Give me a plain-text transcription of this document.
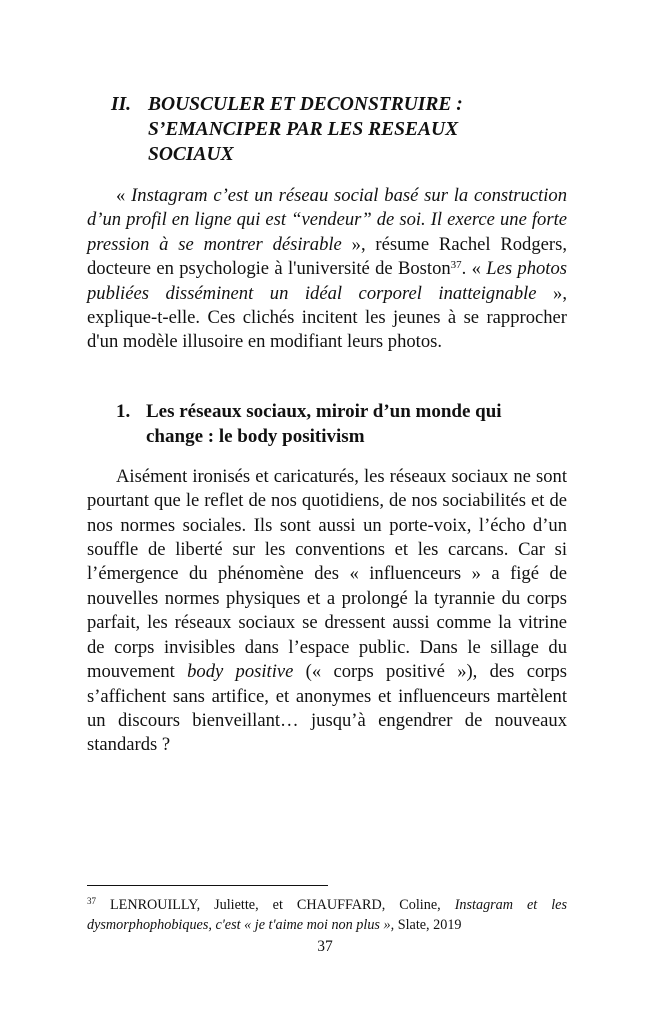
II. BOUSCULER ET DECONSTRUIRE :
S’EMANCIPER PAR LES RESEAUX
SOCIAUX

« Instagram c’est un réseau social basé sur la construction d’un profil en ligne qui est “vendeur” de soi. Il exerce une forte pression à se montrer désirable », résume Rachel Rodgers, docteure en psychologie à l'université de Boston$^{37}$. « Les photos publiées disséminent un idéal corporel inatteignable », explique-t-elle. Ces clichés incitent les jeunes à se rapprocher d'un modèle illusoire en modifiant leurs photos.

1. Les réseaux sociaux, miroir d’un monde qui
change : le body positivism

Aisément ironisés et caricaturés, les réseaux sociaux ne sont pourtant que le reflet de nos quotidiens, de nos sociabilités et de nos normes sociales. Ils sont aussi un porte-voix, l’écho d’un souffle de liberté sur les conventions et les carcans. Car si l’émergence du phénomène des « influenceurs » a figé de nouvelles normes physiques et a prolongé la tyrannie du corps parfait, les réseaux sociaux se dressent aussi comme la vitrine de corps invisibles dans l’espace public. Dans le sillage du mouvement body positive (« corps positivé »), des corps s’affichent sans artifice, et anonymes et influenceurs martèlent un discours bienveillant… jusqu’à engendrer de nouveaux standards ?

$^{37}$ LENROUILLY, Juliette, et CHAUFFARD, Coline, Instagram et les dysmorphophobiques, c'est « je t'aime moi non plus », Slate, 2019
37
